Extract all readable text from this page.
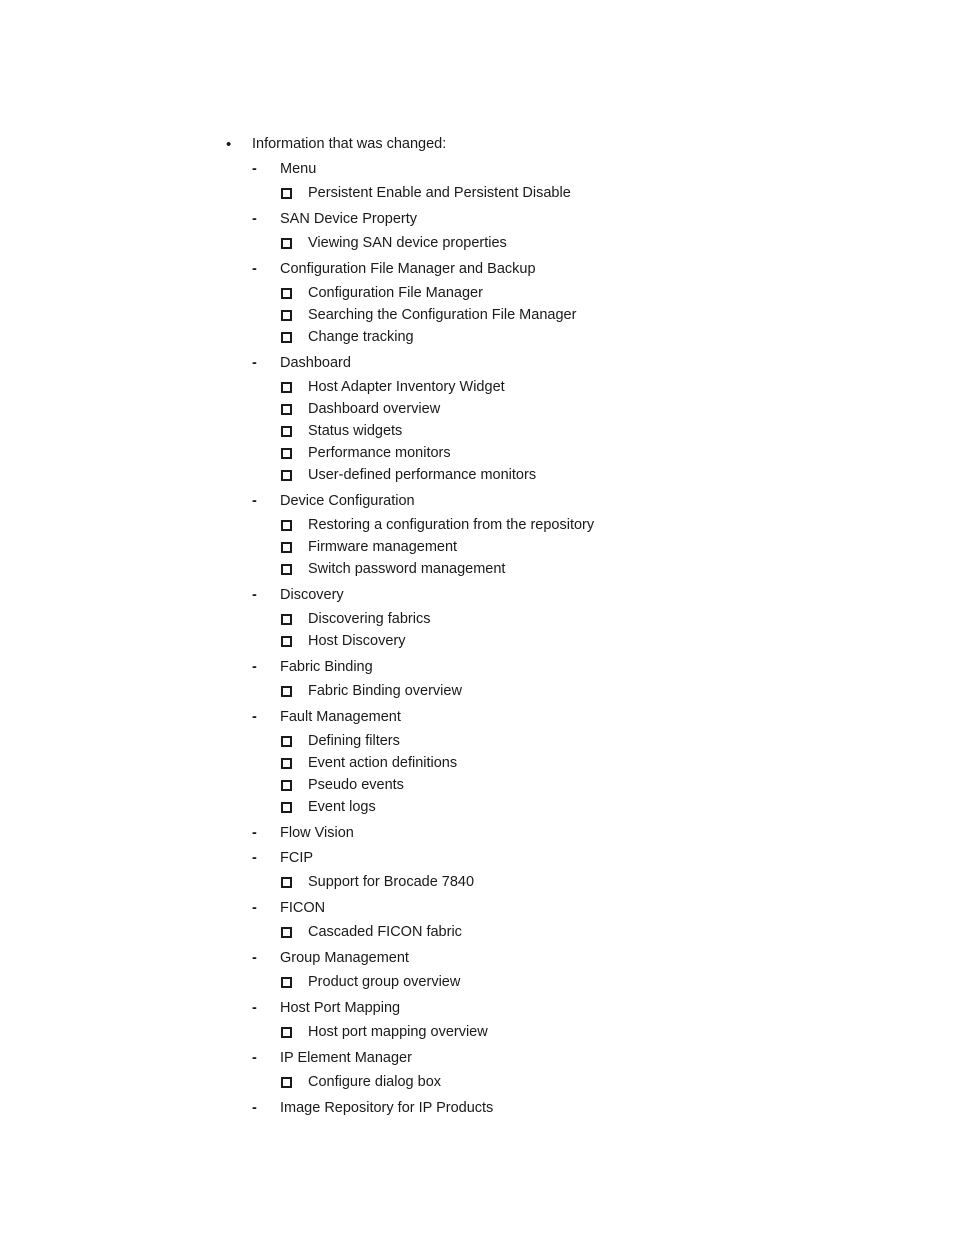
•	Information that was changed:
- Menu
Persistent Enable and Persistent Disable
- SAN Device Property
Viewing SAN device properties
- Configuration File Manager and Backup
Configuration File Manager
Searching the Configuration File Manager
Change tracking
- Dashboard
Host Adapter Inventory Widget
Dashboard overview
Status widgets
Performance monitors
User-defined performance monitors
- Device Configuration
Restoring a configuration from the repository
Firmware management
Switch password management
- Discovery
Discovering fabrics
Host Discovery
- Fabric Binding
Fabric Binding overview
- Fault Management
Defining filters
Event action definitions
Pseudo events
Event logs
- Flow Vision
- FCIP
Support for Brocade 7840
- FICON
Cascaded FICON fabric
- Group Management
Product group overview
- Host Port Mapping
Host port mapping overview
- IP Element Manager
Configure dialog box
- Image Repository for IP Products
